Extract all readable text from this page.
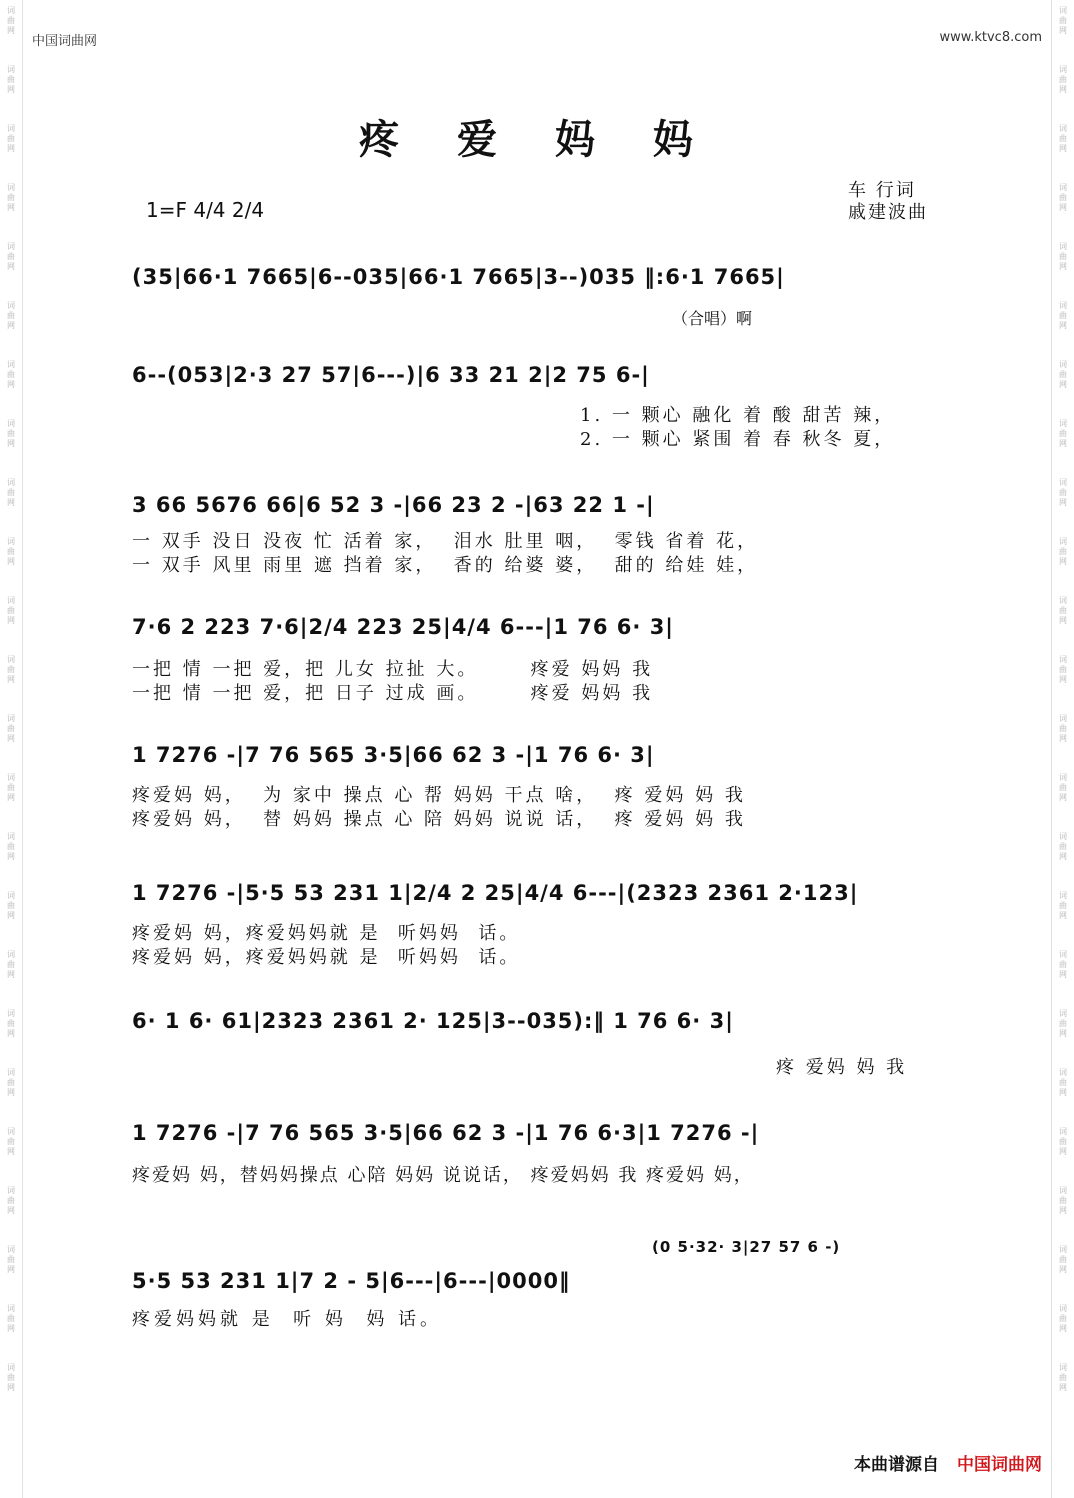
词
曲
网
词
曲
网
词
曲
网
词
曲
网
词
曲
网
词
曲
网
词
曲
网
词
曲
网
词
曲
网
词
曲
网
词
曲
网
词
曲
网
词
曲
网
词
曲
网
词
曲
网
词
曲
网
词
曲
网
词
曲
网
词
曲
网
词
曲
网
词
曲
网
词
曲
网
词
曲
网
词
曲
网
词
曲
网
词
曲
网
词
曲
网
词
曲
网
词
曲
网
词
曲
网
词
曲
网
词
曲
网
词
曲
网
词
曲
网
词
曲
网
词
曲
网
词
曲
网
词
曲
网
词
曲
网
词
曲
网
词
曲
网
词
曲
网
词
曲
网
词
曲
网
词
曲
网
词
曲
网
词
曲
网
词
曲
网
中国词曲网	www.ktvc8.com
疼 爱 妈 妈
1=F 4/4 2/4
车 行词
戚建波曲
(35|66·1 7665|6--035|66·1 7665|3--)035 ‖:6·1 7665|
（合唱）啊
6--(053|2·3 27 57|6---)|6 33 21 2|2 75 6-|
1. 一 颗心 融化 着 酸 甜苦 辣，
2. 一 颗心 紧围 着 春 秋冬 夏，
3 66 5676 66|6 52 3 -|66 23 2 -|63 22 1 -|
一 双手 没日 没夜 忙 活着 家，  泪水 肚里 咽，  零钱 省着 花，
一 双手 风里 雨里 遮 挡着 家，  香的 给婆 婆，  甜的 给娃 娃，
7·6 2 223 7·6|2/4 223 25|4/4 6---|1 76 6· 3|
一把 情 一把 爱，把 儿女 拉扯 大。      疼爱 妈妈 我
一把 情 一把 爱，把 日子 过成 画。      疼爱 妈妈 我
1 7276 -|7 76 565 3·5|66 62 3 -|1 76 6· 3|
疼爱妈 妈，  为 家中 操点 心 帮 妈妈 干点 啥，  疼 爱妈 妈 我
疼爱妈 妈，  替 妈妈 操点 心 陪 妈妈 说说 话，  疼 爱妈 妈 我
1 7276 -|5·5 53 231 1|2/4 2 25|4/4 6---|(2323 2361 2·123|
疼爱妈 妈，疼爱妈妈就 是  听妈妈  话。
疼爱妈 妈，疼爱妈妈就 是  听妈妈  话。
6· 1 6· 61|2323 2361 2· 125|3--035):‖ 1 76 6· 3|
疼 爱妈 妈 我
1 7276 -|7 76 565 3·5|66 62 3 -|1 76 6·3|1 7276 -|
疼爱妈 妈，替妈妈操点 心陪 妈妈 说说话， 疼爱妈妈 我 疼爱妈 妈，
(0 5·32· 3|27 57 6 -)
5·5 53 231 1|7 2 - 5|6---|6---|0000‖
疼爱妈妈就 是  听 妈  妈 话。
本曲谱源自 中国词曲网
